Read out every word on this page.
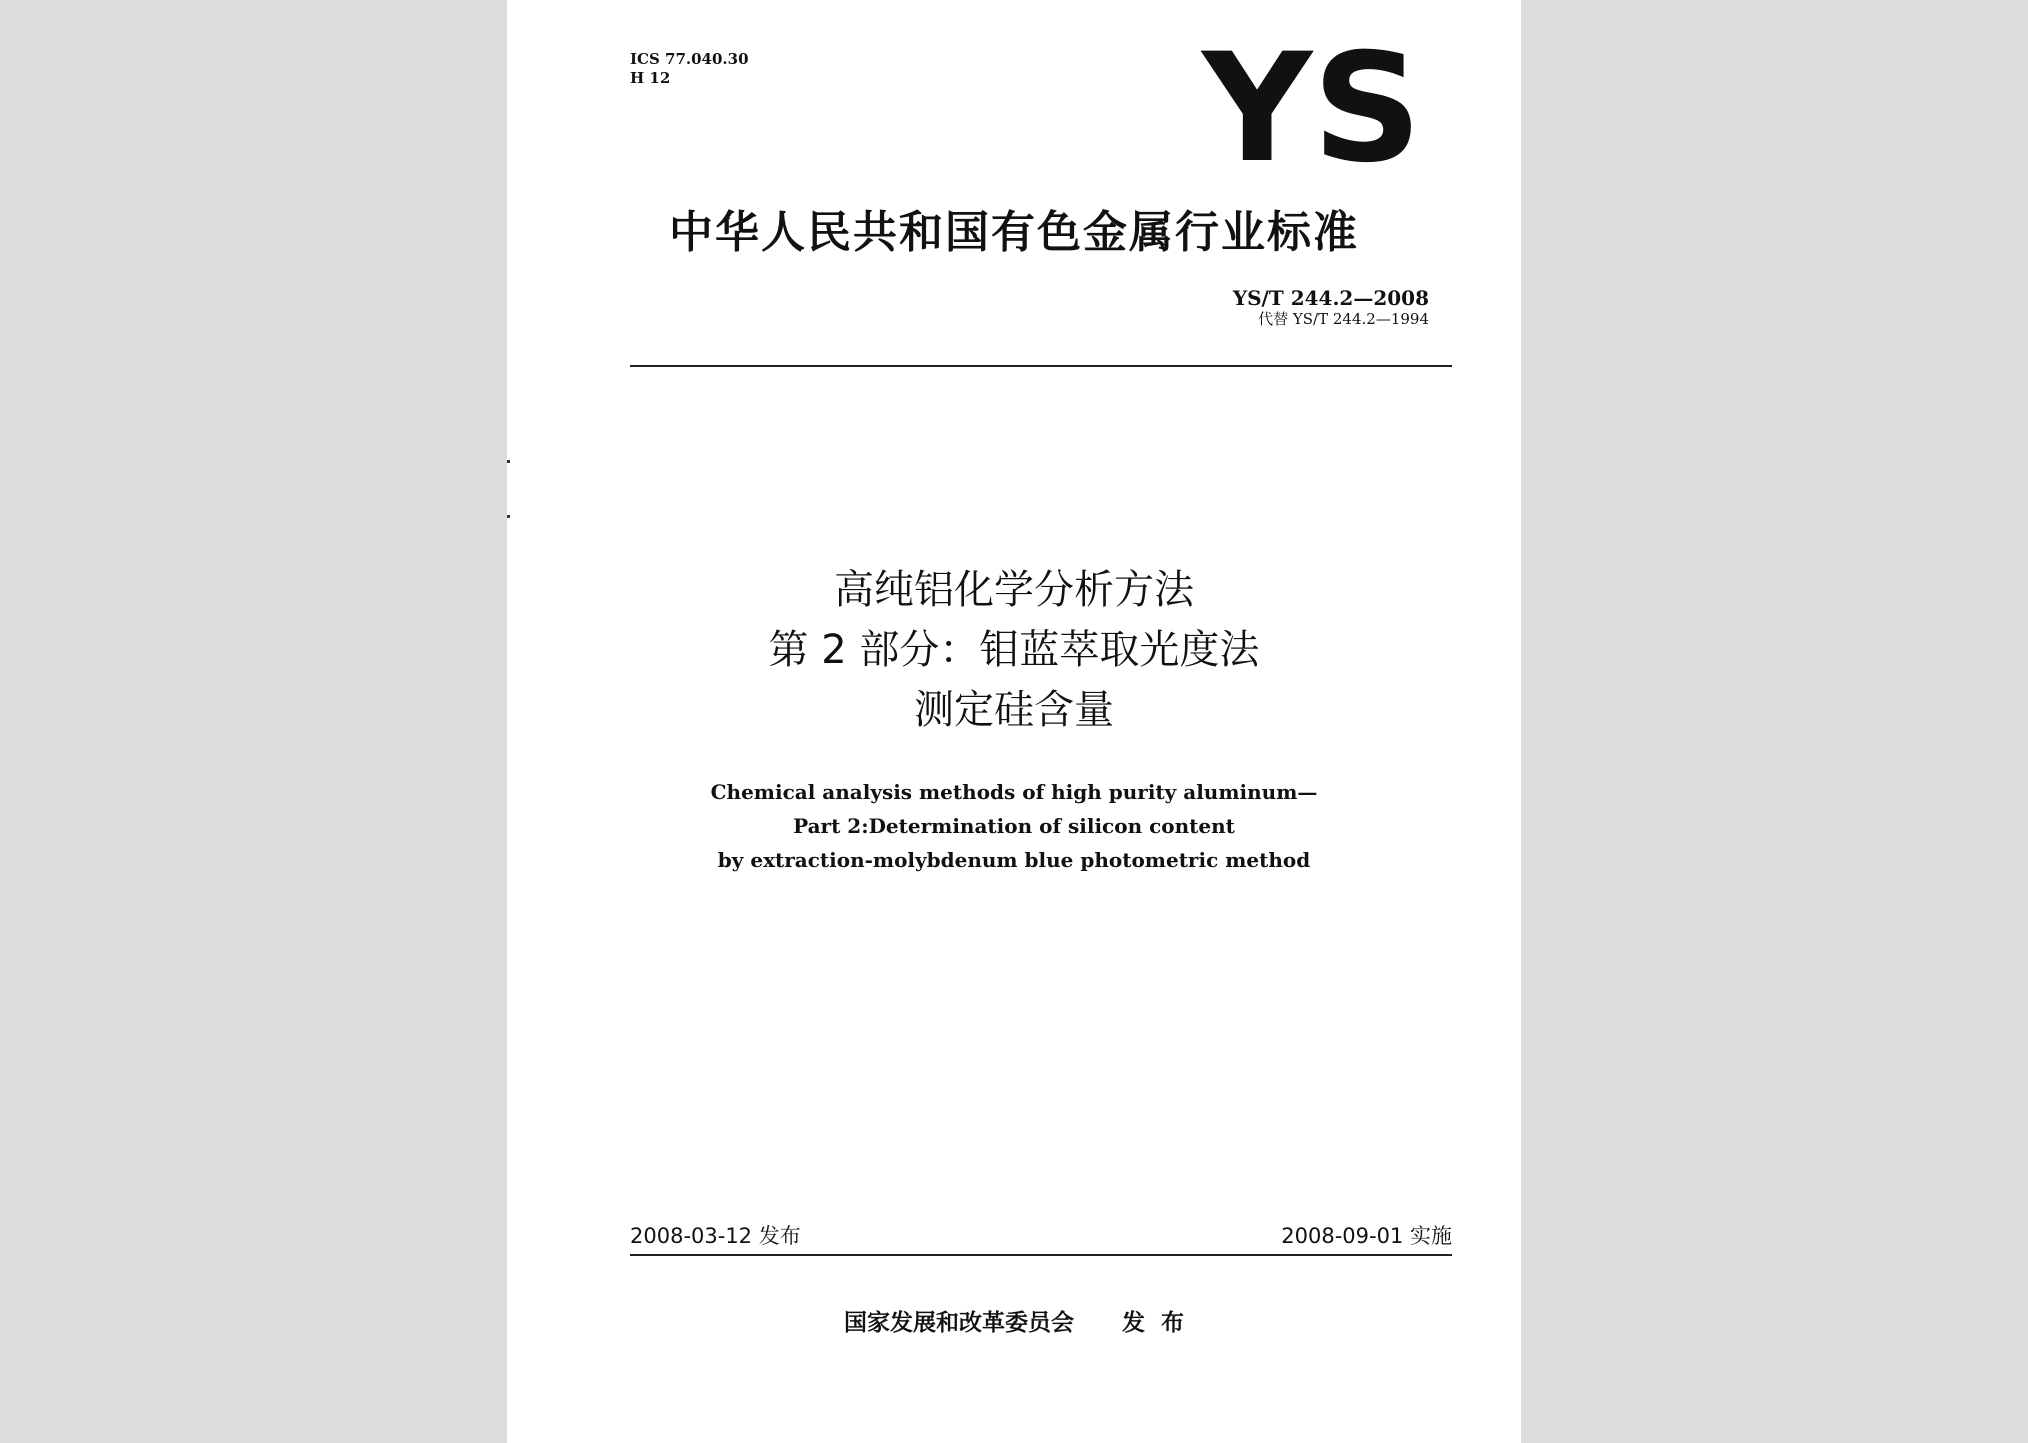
ICS 77.040.30
H 12	YS
中华人民共和国有色金属行业标准
YS/T 244.2—2008
代替 YS/T 244.2—1994
高纯铝化学分析方法
第 2 部分：钼蓝萃取光度法
测定硅含量
Chemical analysis methods of high purity aluminum—
Part 2:Determination of silicon content
by extraction-molybdenum blue photometric method
2008-03-12 发布	2008-09-01 实施
国家发展和改革委员会      发  布
